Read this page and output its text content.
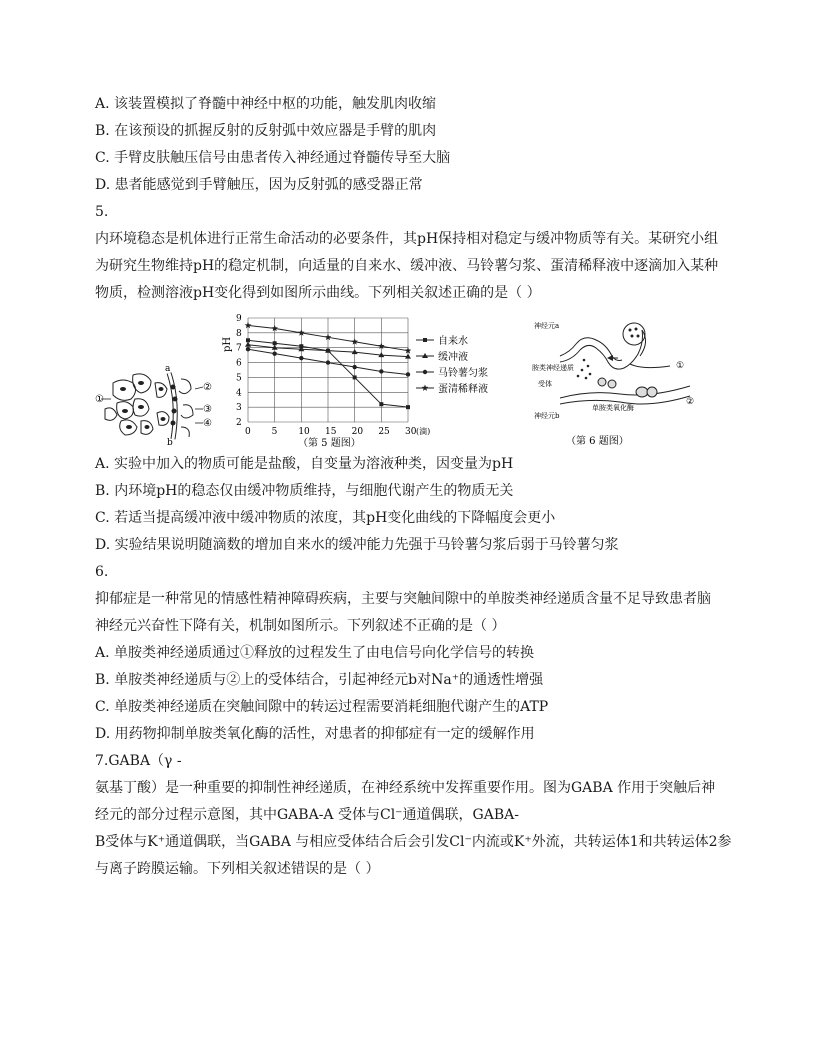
A. 该装置模拟了脊髓中神经中枢的功能，触发肌肉收缩
B. 在该预设的抓握反射的反射弧中效应器是手臂的肌肉
C. 手臂皮肤触压信号由患者传入神经通过脊髓传导至大脑
D. 患者能感觉到手臂触压，因为反射弧的感受器正常
5.
内环境稳态是机体进行正常生命活动的必要条件，其pH保持相对稳定与缓冲物质等有关。某研究小组
为研究生物维持pH的稳定机制，向适量的自来水、缓冲液、马铃薯匀浆、蛋清稀释液中逐滴加入某种
物质，检测溶液pH变化得到如图所示曲线。下列相关叙述正确的是（ ）
①
②
③
④
a
b
2
3
4
5
6
7
8
9
0 5 10 15 20 25 30 (滴)
自来水
缓冲液
马铃薯匀浆
蛋清稀释液
pH
（第 5 题图）
神经元a
胺类神经递质
受体
神经元b
单胺类氧化酶
①
②
（第 6 题图）
A. 实验中加入的物质可能是盐酸，自变量为溶液种类，因变量为pH
B. 内环境pH的稳态仅由缓冲物质维持，与细胞代谢产生的物质无关
C. 若适当提高缓冲液中缓冲物质的浓度，其pH变化曲线的下降幅度会更小
D. 实验结果说明随滴数的增加自来水的缓冲能力先强于马铃薯匀浆后弱于马铃薯匀浆
6.
抑郁症是一种常见的情感性精神障碍疾病，主要与突触间隙中的单胺类神经递质含量不足导致患者脑
神经元兴奋性下降有关，机制如图所示。下列叙述不正确的是（ ）
A. 单胺类神经递质通过①释放的过程发生了由电信号向化学信号的转换
B. 单胺类神经递质与②上的受体结合，引起神经元b对Na⁺的通透性增强
C. 单胺类神经递质在突触间隙中的转运过程需要消耗细胞代谢产生的ATP
D. 用药物抑制单胺类氧化酶的活性，对患者的抑郁症有一定的缓解作用
7.GABA（γ -
氨基丁酸）是一种重要的抑制性神经递质，在神经系统中发挥重要作用。图为GABA 作用于突触后神
经元的部分过程示意图，其中GABA-A 受体与Cl⁻通道偶联，GABA-
B受体与K⁺通道偶联，当GABA 与相应受体结合后会引发Cl⁻内流或K⁺外流，共转运体1和共转运体2参
与离子跨膜运输。下列相关叙述错误的是（ ）
